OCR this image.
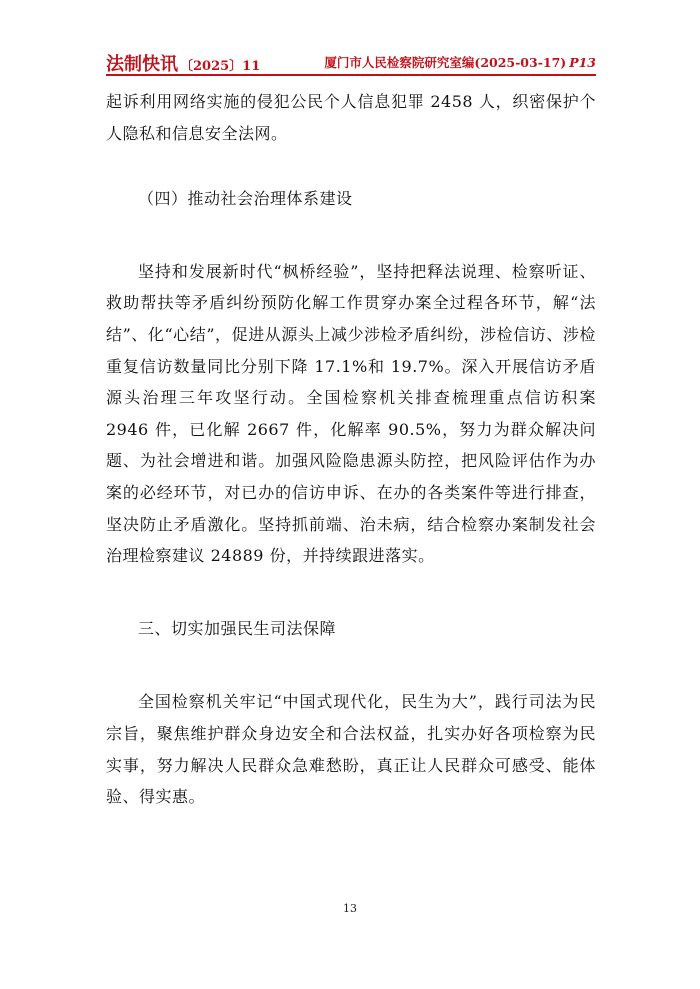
法制快讯 〔2025〕11	厦门市人民检察院研究室编(2025-03-17) P13

起诉利用网络实施的侵犯公民个人信息犯罪 2458 人，织密保护个人隐私和信息安全法网。

（四）推动社会治理体系建设

坚持和发展新时代“枫桥经验”，坚持把释法说理、检察听证、救助帮扶等矛盾纠纷预防化解工作贯穿办案全过程各环节，解“法结”、化“心结”，促进从源头上减少涉检矛盾纠纷，涉检信访、涉检重复信访数量同比分别下降 17.1%和 19.7%。深入开展信访矛盾源头治理三年攻坚行动。全国检察机关排查梳理重点信访积案 2946 件，已化解 2667 件，化解率 90.5%，努力为群众解决问题、为社会增进和谐。加强风险隐患源头防控，把风险评估作为办案的必经环节，对已办的信访申诉、在办的各类案件等进行排查，坚决防止矛盾激化。坚持抓前端、治未病，结合检察办案制发社会治理检察建议 24889 份，并持续跟进落实。

三、切实加强民生司法保障

全国检察机关牢记“中国式现代化，民生为大”，践行司法为民宗旨，聚焦维护群众身边安全和合法权益，扎实办好各项检察为民实事，努力解决人民群众急难愁盼，真正让人民群众可感受、能体验、得实惠。

13
